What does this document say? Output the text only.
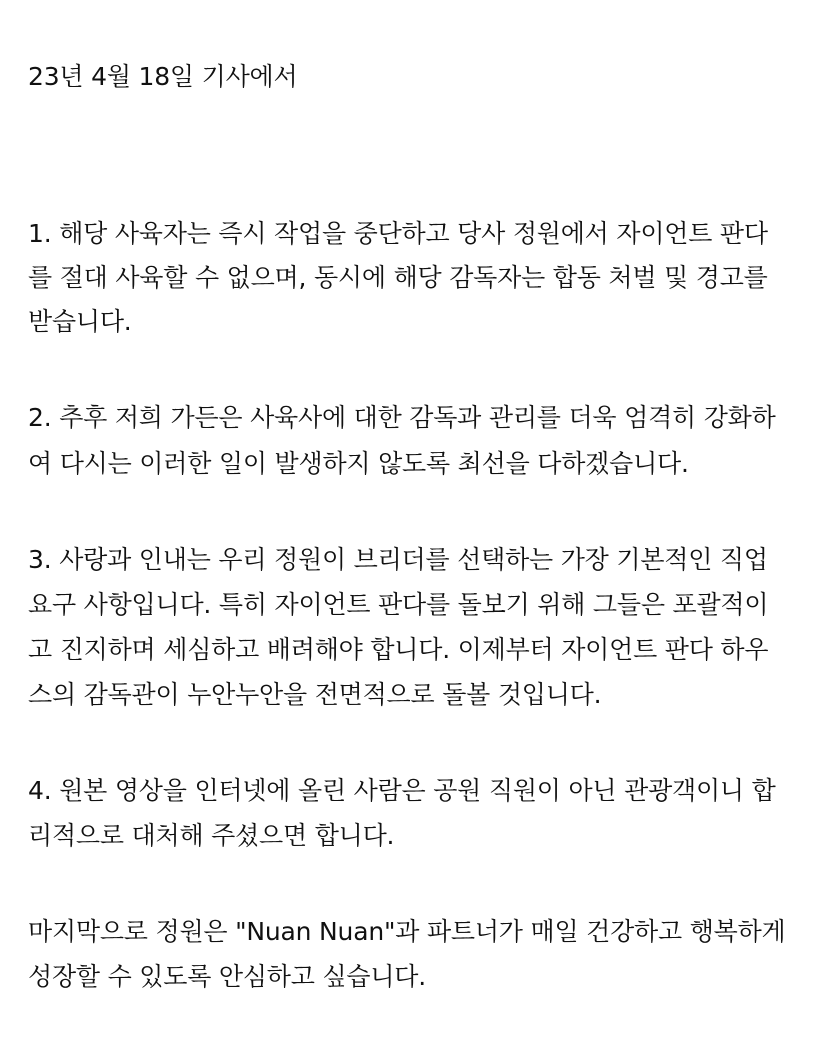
23년 4월 18일 기사에서
1. 해당 사육자는 즉시 작업을 중단하고 당사 정원에서 자이언트 판다
를 절대 사육할 수 없으며, 동시에 해당 감독자는 합동 처벌 및 경고를
받습니다.
2. 추후 저희 가든은 사육사에 대한 감독과 관리를 더욱 엄격히 강화하
여 다시는 이러한 일이 발생하지 않도록 최선을 다하겠습니다.
3. 사랑과 인내는 우리 정원이 브리더를 선택하는 가장 기본적인 직업
요구 사항입니다. 특히 자이언트 판다를 돌보기 위해 그들은 포괄적이
고 진지하며 세심하고 배려해야 합니다. 이제부터 자이언트 판다 하우
스의 감독관이 누안누안을 전면적으로 돌볼 것입니다.
4. 원본 영상을 인터넷에 올린 사람은 공원 직원이 아닌 관광객이니 합
리적으로 대처해 주셨으면 합니다.
마지막으로 정원은 "Nuan Nuan"과 파트너가 매일 건강하고 행복하게
성장할 수 있도록 안심하고 싶습니다.
